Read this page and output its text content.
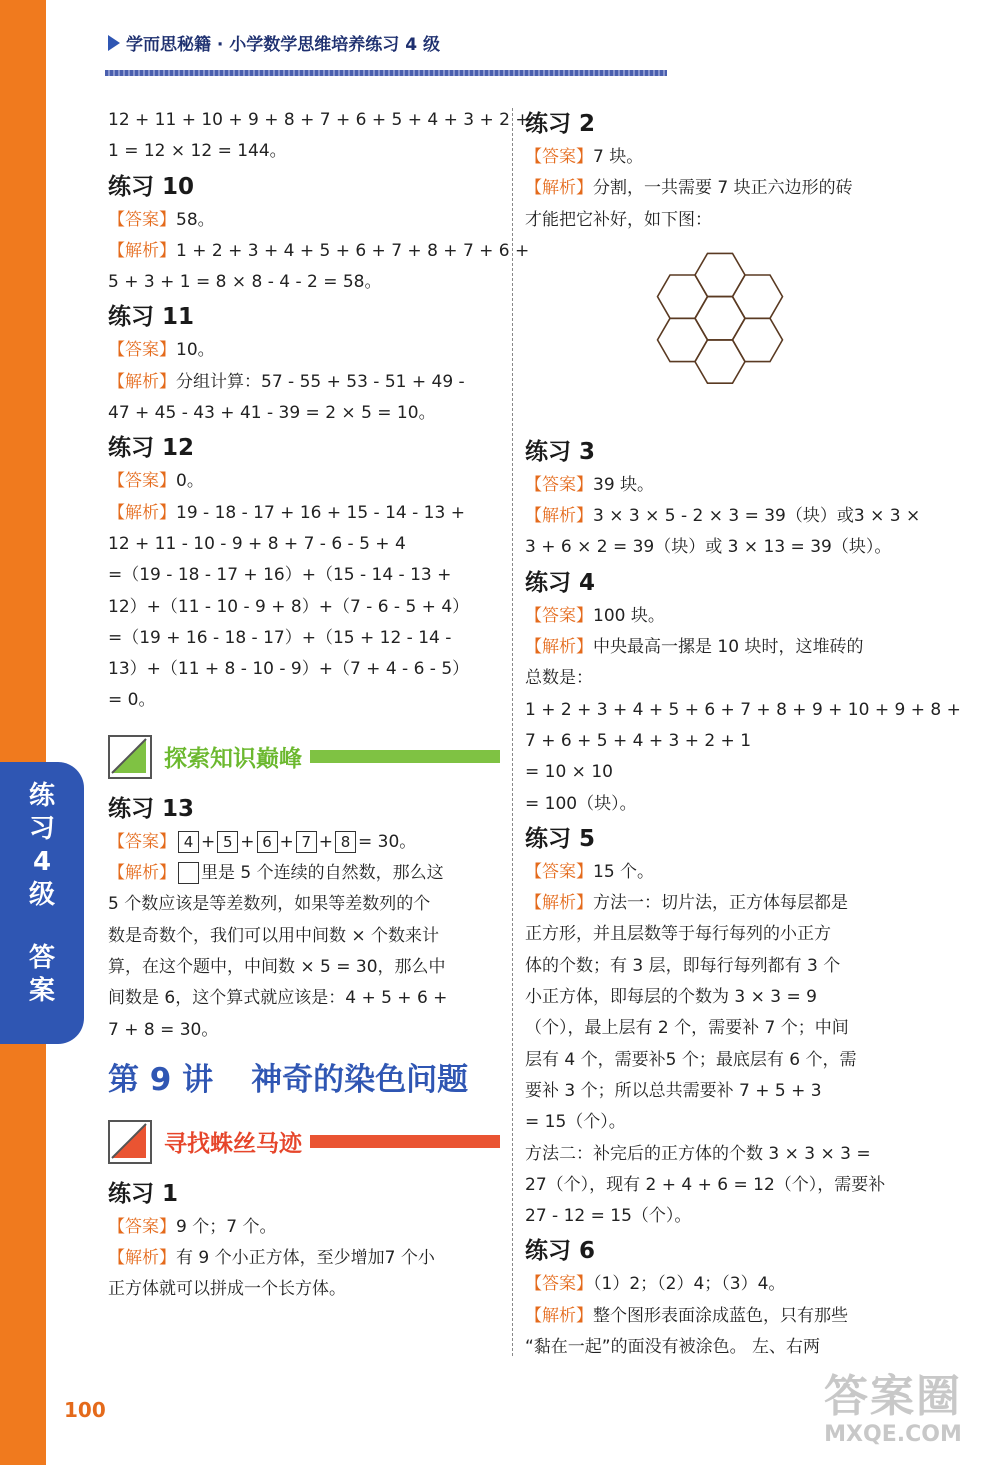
练
习
4
级
答
案
学而思秘籍 · 小学数学思维培养练习 4 级
12 + 11 + 10 + 9 + 8 + 7 + 6 + 5 + 4 + 3 + 2 +
1 = 12 × 12 = 144。
练习 10
【答案】58。
【解析】1 + 2 + 3 + 4 + 5 + 6 + 7 + 8 + 7 + 6 +
5 + 3 + 1 = 8 × 8 - 4 - 2 = 58。
练习 11
【答案】10。
【解析】分组计算：57 - 55 + 53 - 51 + 49 -
47 + 45 - 43 + 41 - 39 = 2 × 5 = 10。
练习 12
【答案】0。
【解析】19 - 18 - 17 + 16 + 15 - 14 - 13 +
12 + 11 - 10 - 9 + 8 + 7 - 6 - 5 + 4
=（19 - 18 - 17 + 16）+（15 - 14 - 13 +
12）+（11 - 10 - 9 + 8）+（7 - 6 - 5 + 4）
=（19 + 16 - 18 - 17）+（15 + 12 - 14 -
13）+（11 + 8 - 10 - 9）+（7 + 4 - 6 - 5）
= 0。
探索知识巅峰
练习 13
【答案】 4 + 5 + 6 + 7 + 8 = 30。
【解析】 里是 5 个连续的自然数，那么这
5 个数应该是等差数列，如果等差数列的个
数是奇数个，我们可以用中间数 × 个数来计
算，在这个题中，中间数 × 5 = 30，那么中
间数是 6，这个算式就应该是：4 + 5 + 6 +
7 + 8 = 30。
第 9 讲 神奇的染色问题
寻找蛛丝马迹
练习 1
【答案】9 个；7 个。
【解析】有 9 个小正方体，至少增加7 个小
正方体就可以拼成一个长方体。
练习 2
【答案】7 块。
【解析】分割，一共需要 7 块正六边形的砖
才能把它补好，如下图：
练习 3
【答案】39 块。
【解析】3 × 3 × 5 - 2 × 3 = 39（块）或3 × 3 ×
3 + 6 × 2 = 39（块）或 3 × 13 = 39（块）。
练习 4
【答案】100 块。
【解析】中央最高一摞是 10 块时，这堆砖的
总数是：
1 + 2 + 3 + 4 + 5 + 6 + 7 + 8 + 9 + 10 + 9 + 8 +
7 + 6 + 5 + 4 + 3 + 2 + 1
= 10 × 10
= 100（块）。
练习 5
【答案】15 个。
【解析】方法一：切片法，正方体每层都是
正方形，并且层数等于每行每列的小正方
体的个数；有 3 层，即每行每列都有 3 个
小正方体，即每层的个数为 3 × 3 = 9
（个），最上层有 2 个，需要补 7 个；中间
层有 4 个，需要补5 个；最底层有 6 个，需
要补 3 个；所以总共需要补 7 + 5 + 3
= 15（个）。
方法二：补完后的正方体的个数 3 × 3 × 3 =
27（个），现有 2 + 4 + 6 = 12（个），需要补
27 - 12 = 15（个）。
练习 6
【答案】（1）2；（2）4；（3）4。
【解析】整个图形表面涂成蓝色，只有那些
“黏在一起”的面没有被涂色。 左、右两
100	答案圈
MXQE.COM
